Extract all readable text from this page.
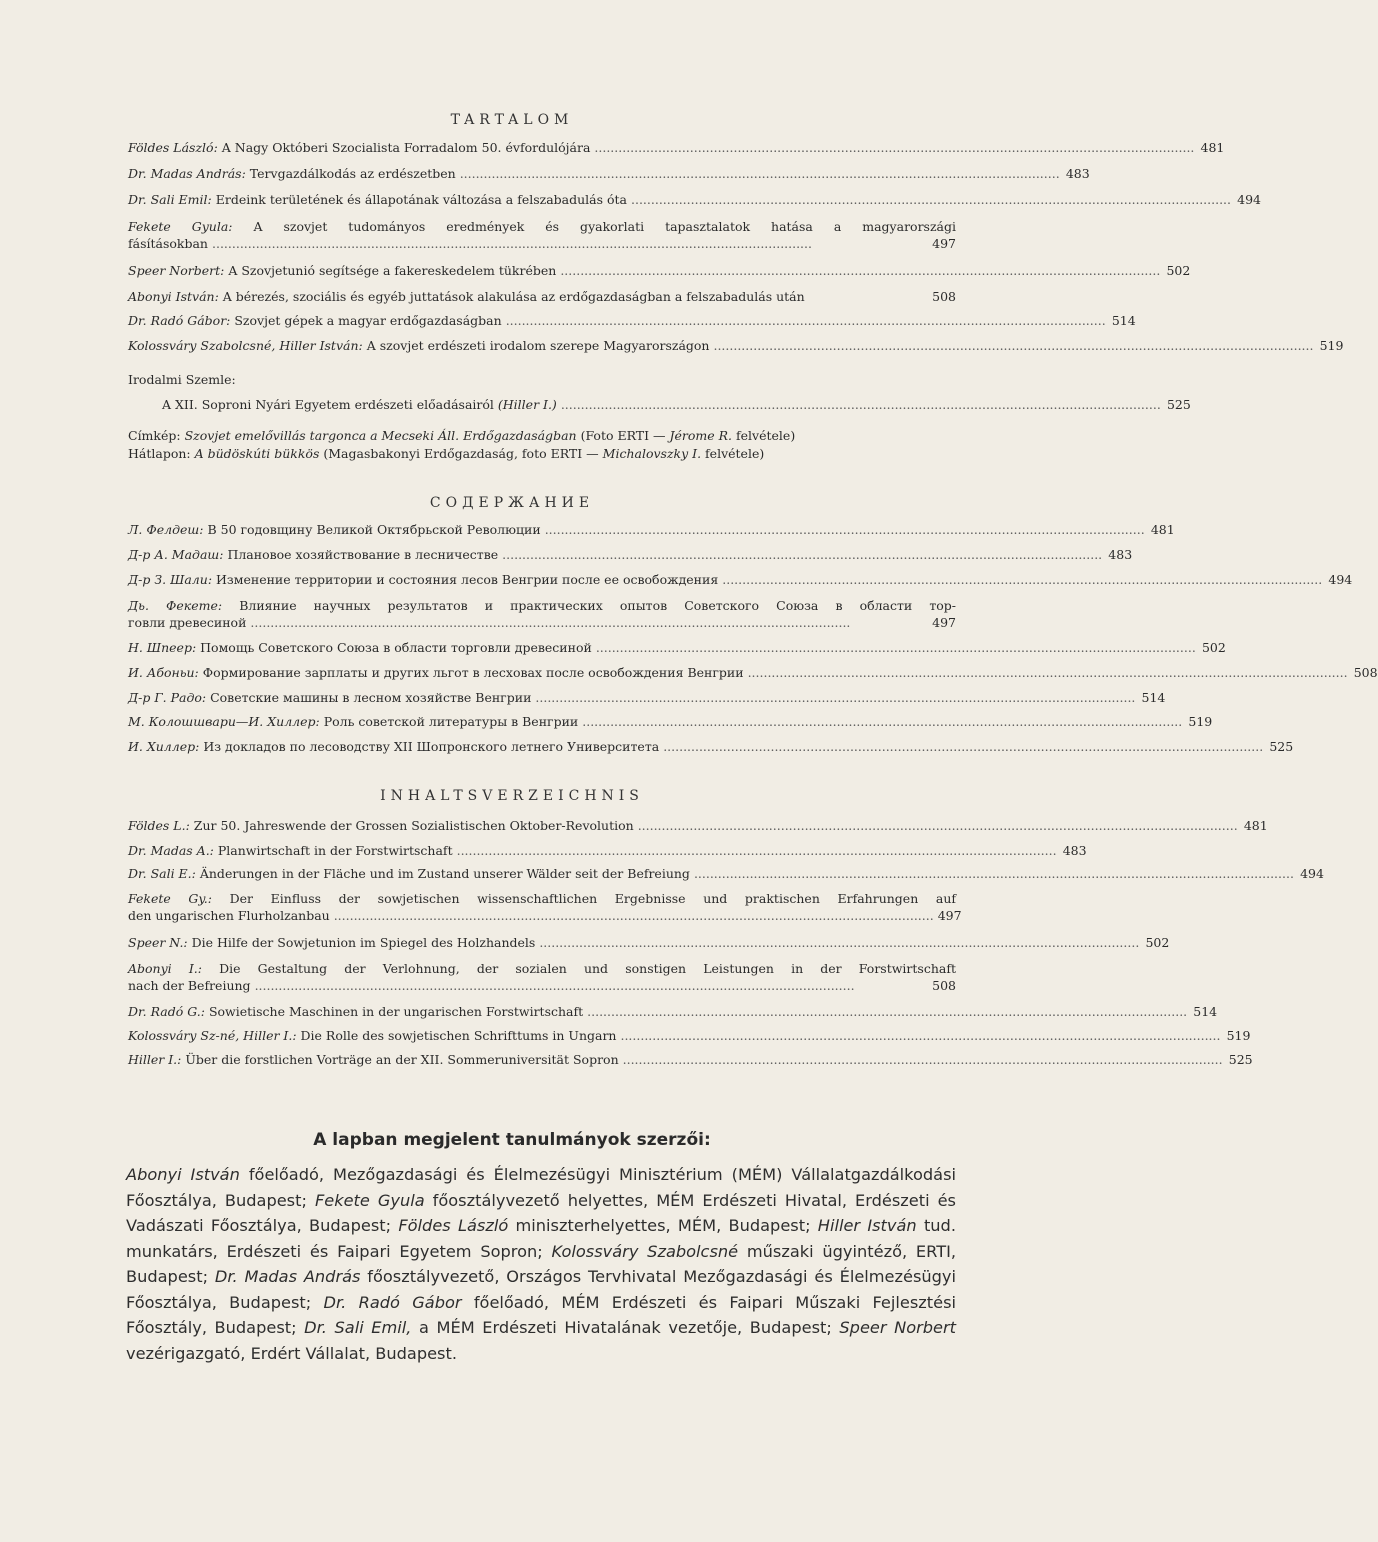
TARTALOM
Földes László: A Nagy Októberi Szocialista Forradalom 50. évfordulójára ....................................................................................................................................................... 481
Dr. Madas András: Tervgazdálkodás az erdészetben ....................................................................................................................................................... 483
Dr. Sali Emil: Erdeink területének és állapotának változása a felszabadulás óta ....................................................................................................................................................... 494
Fekete Gyula: A szovjet tudományos eredmények és gyakorlati tapasztalatok hatása a magyarországi
fásításokban .......................................................................................................................................................	497
Speer Norbert: A Szovjetunió segítsége a fakereskedelem tükrében ....................................................................................................................................................... 502
Abonyi István: A bérezés, szociális és egyéb juttatások alakulása az erdőgazdaságban a felszabadulás után	508
Dr. Radó Gábor: Szovjet gépek a magyar erdőgazdaságban ....................................................................................................................................................... 514
Kolossváry Szabolcsné, Hiller István: A szovjet erdészeti irodalom szerepe Magyarországon ....................................................................................................................................................... 519
Irodalmi Szemle:
A XII. Soproni Nyári Egyetem erdészeti előadásairól (Hiller I.) ....................................................................................................................................................... 525
Címkép: Szovjet emelővillás targonca a Mecseki Áll. Erdőgazdaságban (Foto ERTI — Jérome R. felvétele)
Hátlapon: A büdöskúti bükkös (Magasbakonyi Erdőgazdaság, foto ERTI — Michalovszky I. felvétele)
СОДЕРЖАНИЕ
Л. Фелдеш: В 50 годовщину Великой Октябрьской Революции ....................................................................................................................................................... 481
Д-р А. Мадаш: Плановое хозяйствование в лесничестве ....................................................................................................................................................... 483
Д-р З. Шали: Изменение территории и состояния лесов Венгрии после ее освобождения ....................................................................................................................................................... 494
Дь. Фекете: Влияние научных результатов и практических опытов Советского Союза в области тор-
говли древесиной .......................................................................................................................................................	497
Н. Шпеер: Помощь Советского Союза в области торговли древесиной ....................................................................................................................................................... 502
И. Абоньи: Формирование зарплаты и других льгот в лесховах после освобождения Венгрии ....................................................................................................................................................... 508
Д-р Г. Радо: Советские машины в лесном хозяйстве Венгрии ....................................................................................................................................................... 514
М. Колошшвари—И. Хиллер: Роль советской литературы в Венгрии ....................................................................................................................................................... 519
И. Хиллер: Из докладов по лесоводству XII Шопронского летнего Университета ....................................................................................................................................................... 525
INHALTSVERZEICHNIS
Földes L.: Zur 50. Jahreswende der Grossen Sozialistischen Oktober-Revolution ....................................................................................................................................................... 481
Dr. Madas A.: Planwirtschaft in der Forstwirtschaft ....................................................................................................................................................... 483
Dr. Sali E.: Änderungen in der Fläche und im Zustand unserer Wälder seit der Befreiung ....................................................................................................................................................... 494
Fekete Gy.: Der Einfluss der sowjetischen wissenschaftlichen Ergebnisse und praktischen Erfahrungen auf
den ungarischen Flurholzanbau ....................................................................................................................................................... 497
Speer N.: Die Hilfe der Sowjetunion im Spiegel des Holzhandels ....................................................................................................................................................... 502
Abonyi I.: Die Gestaltung der Verlohnung, der sozialen und sonstigen Leistungen in der Forstwirtschaft
nach der Befreiung .......................................................................................................................................................	508
Dr. Radó G.: Sowietische Maschinen in der ungarischen Forstwirtschaft ....................................................................................................................................................... 514
Kolossváry Sz-né, Hiller I.: Die Rolle des sowjetischen Schrifttums in Ungarn ....................................................................................................................................................... 519
Hiller I.: Über die forstlichen Vorträge an der XII. Sommeruniversität Sopron ....................................................................................................................................................... 525
A lapban megjelent tanulmányok szerzői:
Abonyi István főelőadó, Mezőgazdasági és Élelmezésügyi Minisztérium (MÉM) Vállalatgazdálkodási Főosztálya, Budapest; Fekete Gyula főosztályvezető helyettes, MÉM Erdészeti Hivatal, Erdészeti és Vadászati Főosztálya, Budapest; Földes László miniszterhelyettes, MÉM, Budapest; Hiller István tud. munkatárs, Erdészeti és Faipari Egyetem Sopron; Kolossváry Szabolcsné műszaki ügyintéző, ERTI, Budapest; Dr. Madas András főosztályvezető, Országos Tervhivatal Mezőgazdasági és Élelmezésügyi Főosztálya, Budapest; Dr. Radó Gábor főelőadó, MÉM Erdészeti és Faipari Műszaki Fejlesztési Főosztály, Budapest; Dr. Sali Emil, a MÉM Erdészeti Hivatalának vezetője, Budapest; Speer Norbert vezérigazgató, Erdért Vállalat, Budapest.
